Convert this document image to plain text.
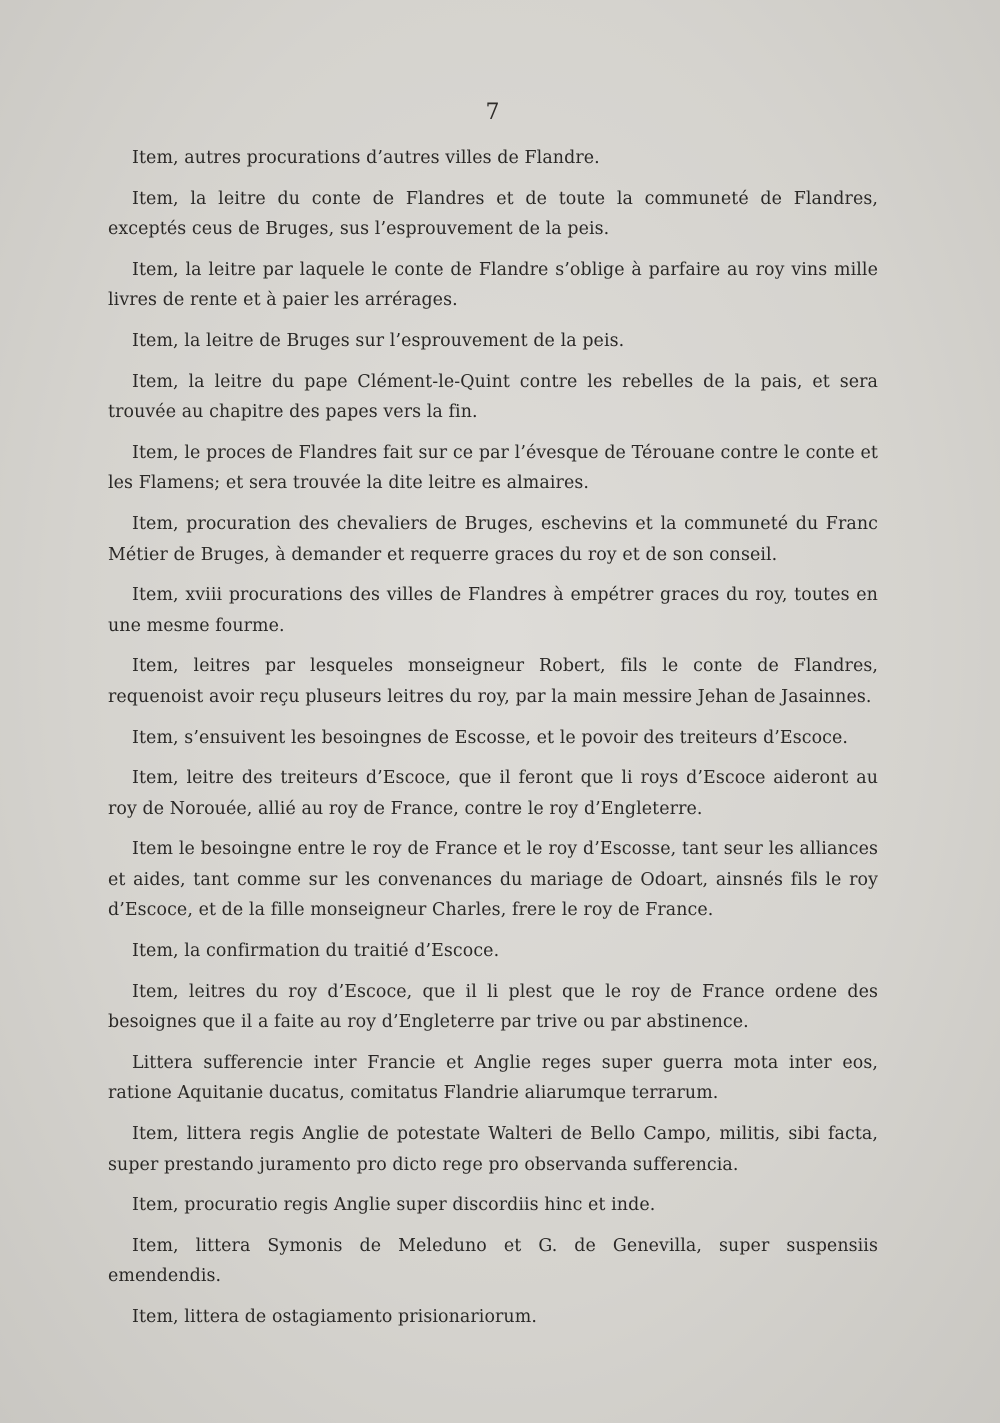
7

Item, autres procurations d’autres villes de Flandre.

Item, la leitre du conte de Flandres et de toute la communeté de Flandres, exceptés ceus de Bruges, sus l’esprouvement de la peis.

Item, la leitre par laquele le conte de Flandre s’oblige à parfaire au roy vins mille livres de rente et à paier les arrérages.

Item, la leitre de Bruges sur l’esprouvement de la peis.

Item, la leitre du pape Clément-le-Quint contre les rebelles de la pais, et sera trouvée au chapitre des papes vers la fin.

Item, le proces de Flandres fait sur ce par l’évesque de Térouane contre le conte et les Flamens; et sera trouvée la dite leitre es almaires.

Item, procuration des chevaliers de Bruges, eschevins et la communeté du Franc Métier de Bruges, à demander et requerre graces du roy et de son conseil.

Item, xviii procurations des villes de Flandres à empétrer graces du roy, toutes en une mesme fourme.

Item, leitres par lesqueles monseigneur Robert, fils le conte de Flandres, requenoist avoir reçu pluseurs leitres du roy, par la main messire Jehan de Jasainnes.

Item, s’ensuivent les besoingnes de Escosse, et le povoir des treiteurs d’Escoce.

Item, leitre des treiteurs d’Escoce, que il feront que li roys d’Escoce aideront au roy de Norouée, allié au roy de France, contre le roy d’Engleterre.

Item le besoingne entre le roy de France et le roy d’Escosse, tant seur les alliances et aides, tant comme sur les convenances du mariage de Odoart, ainsnés fils le roy d’Escoce, et de la fille monseigneur Charles, frere le roy de France.

Item, la confirmation du traitié d’Escoce.

Item, leitres du roy d’Escoce, que il li plest que le roy de France ordene des besoignes que il a faite au roy d’Engleterre par trive ou par abstinence.

Littera sufferencie inter Francie et Anglie reges super guerra mota inter eos, ratione Aquitanie ducatus, comitatus Flandrie aliarumque terrarum.

Item, littera regis Anglie de potestate Walteri de Bello Campo, militis, sibi facta, super prestando juramento pro dicto rege pro observanda sufferencia.

Item, procuratio regis Anglie super discordiis hinc et inde.

Item, littera Symonis de Meleduno et G. de Genevilla, super suspensiis emendendis.

Item, littera de ostagiamento prisionariorum.
